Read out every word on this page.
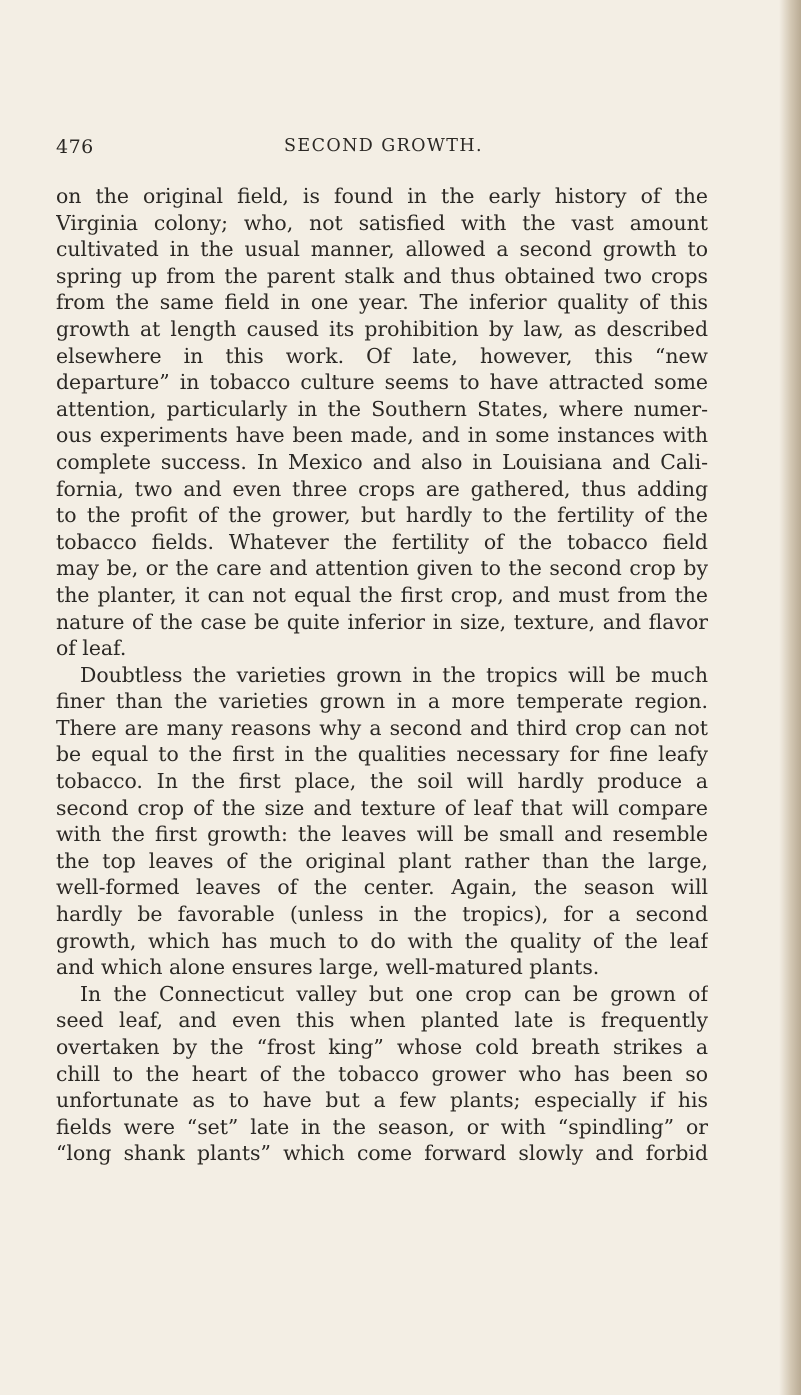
476	SECOND GROWTH.
on the original field, is found in the early history of the
Virginia colony; who, not satisfied with the vast amount
cultivated in the usual manner, allowed a second growth to
spring up from the parent stalk and thus obtained two crops
from the same field in one year. The inferior quality of this
growth at length caused its prohibition by law, as described
elsewhere in this work. Of late, however, this “new
departure” in tobacco culture seems to have attracted some
attention, particularly in the Southern States, where numer-
ous experiments have been made, and in some instances with
complete success. In Mexico and also in Louisiana and Cali-
fornia, two and even three crops are gathered, thus adding
to the profit of the grower, but hardly to the fertility of the
tobacco fields. Whatever the fertility of the tobacco field
may be, or the care and attention given to the second crop by
the planter, it can not equal the first crop, and must from the
nature of the case be quite inferior in size, texture, and flavor
of leaf.
Doubtless the varieties grown in the tropics will be much
finer than the varieties grown in a more temperate region.
There are many reasons why a second and third crop can not
be equal to the first in the qualities necessary for fine leafy
tobacco. In the first place, the soil will hardly produce a
second crop of the size and texture of leaf that will compare
with the first growth: the leaves will be small and resemble
the top leaves of the original plant rather than the large,
well-formed leaves of the center. Again, the season will
hardly be favorable (unless in the tropics), for a second
growth, which has much to do with the quality of the leaf
and which alone ensures large, well-matured plants.
In the Connecticut valley but one crop can be grown of
seed leaf, and even this when planted late is frequently
overtaken by the “frost king” whose cold breath strikes a
chill to the heart of the tobacco grower who has been so
unfortunate as to have but a few plants; especially if his
fields were “set” late in the season, or with “spindling” or
“long shank plants” which come forward slowly and forbid
